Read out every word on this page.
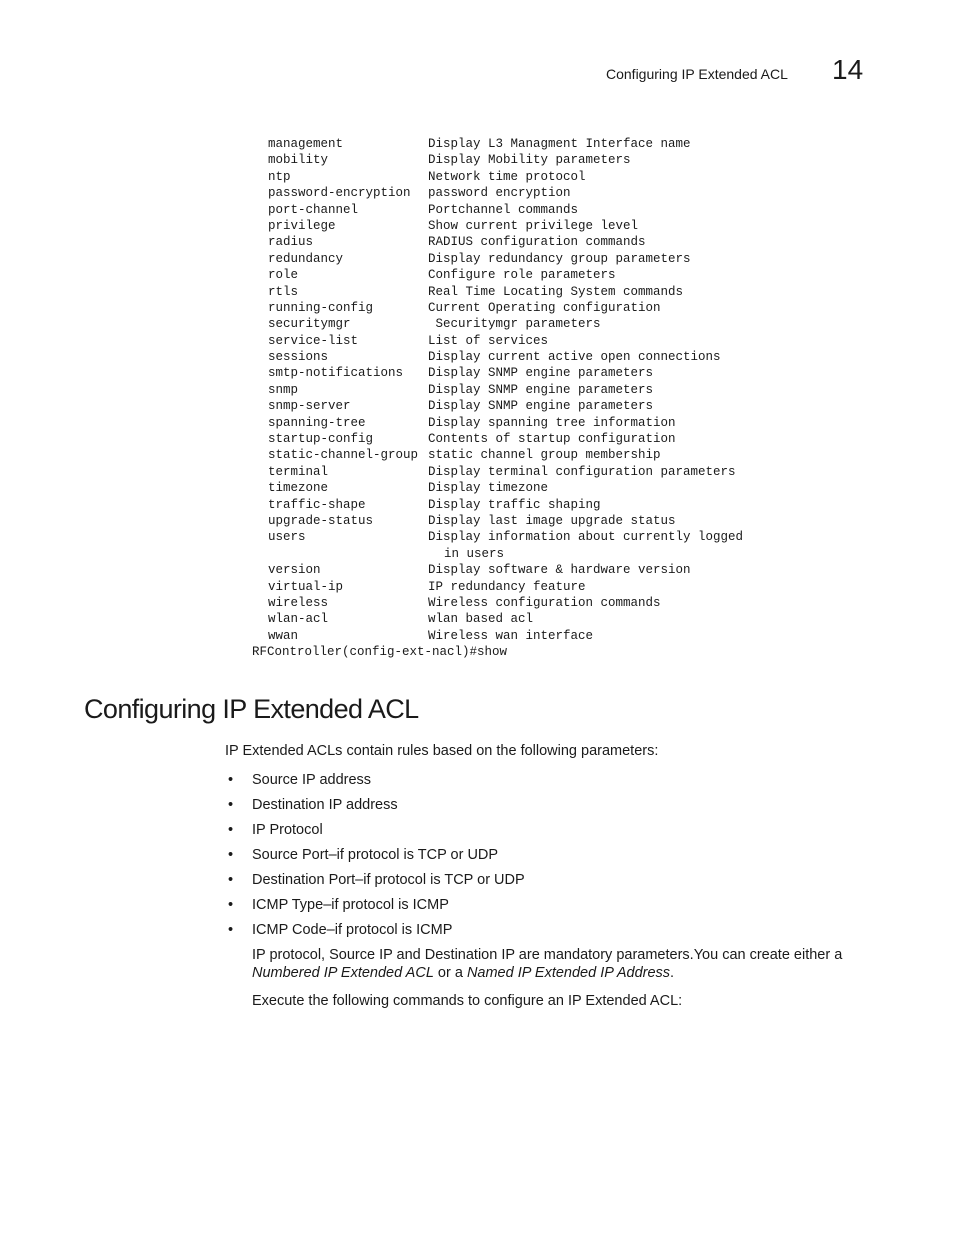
Configuring IP Extended ACL 14
management	Display L3 Managment Interface name
mobility	Display Mobility parameters
ntp	Network time protocol
password-encryption password encryption
port-channel	Portchannel commands
privilege	Show current privilege level
radius	RADIUS configuration commands
redundancy	Display redundancy group parameters
role	Configure role parameters
rtls	Real Time Locating System commands
running-config	Current Operating configuration
securitymgr	Securitymgr parameters
service-list	List of services
sessions	Display current active open connections
smtp-notifications Display SNMP engine parameters
snmp	Display SNMP engine parameters
snmp-server	Display SNMP engine parameters
spanning-tree	Display spanning tree information
startup-config	Contents of startup configuration
static-channel-group static channel group membership
terminal	Display terminal configuration parameters
timezone	Display timezone
traffic-shape	Display traffic shaping
upgrade-status	Display last image upgrade status
users	Display information about currently logged
in users
version	Display software & hardware version
virtual-ip	IP redundancy feature
wireless	Wireless configuration commands
wlan-acl	wlan based acl
wwan	Wireless wan interface
RFController(config-ext-nacl)#show
Configuring IP Extended ACL

IP Extended ACLs contain rules based on the following parameters:

• Source IP address
• Destination IP address
• IP Protocol
• Source Port–if protocol is TCP or UDP
• Destination Port–if protocol is TCP or UDP
• ICMP Type–if protocol is ICMP
• ICMP Code–if protocol is ICMP

IP protocol, Source IP and Destination IP are mandatory parameters.You can create either a Numbered IP Extended ACL or a Named IP Extended IP Address.

Execute the following commands to configure an IP Extended ACL:
